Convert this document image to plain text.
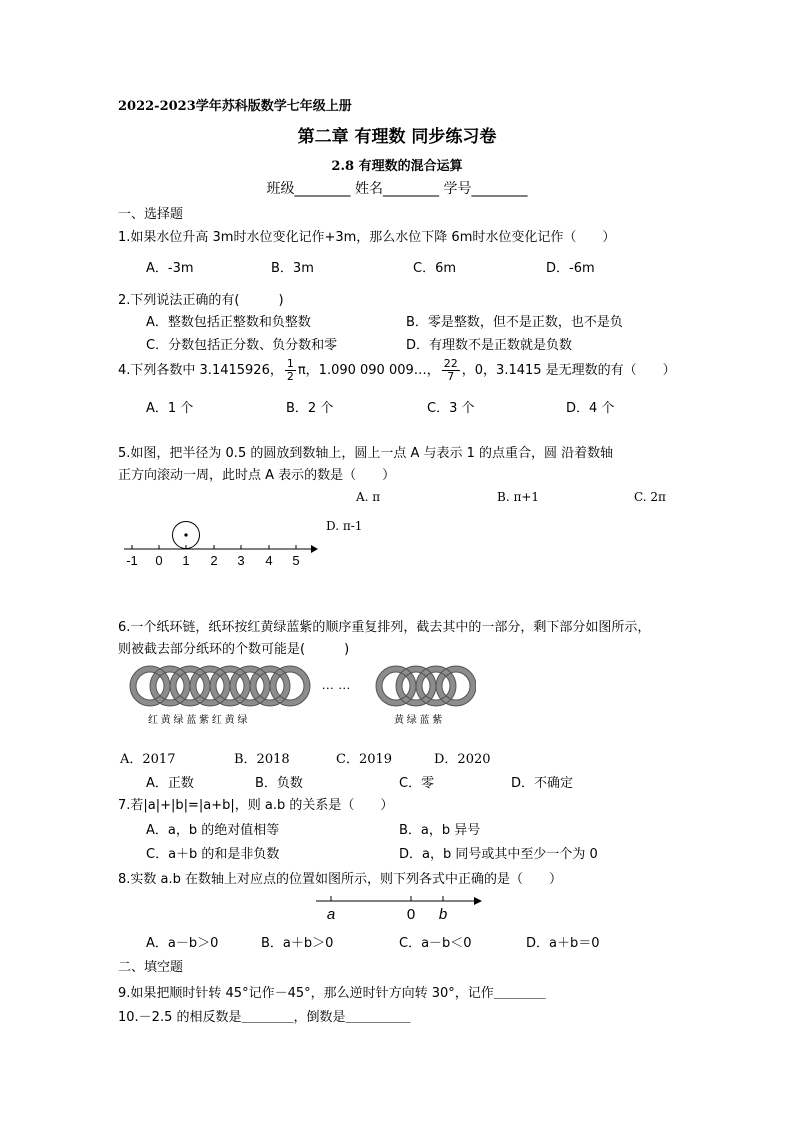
2022-2023学年苏科版数学七年级上册
第二章 有理数 同步练习卷
2.8 有理数的混合运算
班级________ 姓名________ 学号________
一、选择题
1.如果水位升高 3m时水位变化记作+3m，那么水位下降 6m时水位变化记作（　　）
A．-3m	B．3m	C．6m	D．-6m
2.下列说法正确的有(　　　)
A．整数包括正整数和负整数	B．零是整数，但不是正数，也不是负
C．分数包括正分数、负分数和零	D．有理数不是正数就是负数
4.下列各数中 3.1415926， $\frac{1}{2}$ π，1.090 090 009…， $\frac{22}{7}$ ，0，3.1415 是无理数的有（　　）
A．1 个	B．2 个	C．3 个	D．4 个
5.如图，把半径为 0.5 的圆放到数轴上，圆上一点 A 与表示 1 的点重合，圆 沿着数轴
正方向滚动一周，此时点 A 表示的数是（　　）
A. π	B. π+1	C. 2π
D. π-1
-1 0 1 2 3 4 5
6.一个纸环链，纸环按红黄绿蓝紫的顺序重复排列，截去其中的一部分，剩下部分如图所示，
则被截去部分纸环的个数可能是(　　　)
… …
红 黄 绿 蓝 紫 红 黄 绿	黄 绿 蓝 紫
A．2017	B．2018	C．2019	D．2020
A．正数	B．负数	C．零	D．不确定
7.若|a|+|b|=|a+b|，则 a.b 的关系是（　　）
A．a，b 的绝对值相等	B．a，b 异号
C．a＋b 的和是非负数	D．a，b 同号或其中至少一个为 0
8.实数 a.b 在数轴上对应点的位置如图所示，则下列各式中正确的是（　　）
a	0 b
A．a－b＞0	B．a＋b＞0	C．a－b＜0	D．a＋b＝0
二、填空题
9.如果把顺时针转 45°记作－45°，那么逆时针方向转 30°，记作＿＿＿＿
10.－2.5 的相反数是＿＿＿＿，倒数是＿＿＿＿＿
